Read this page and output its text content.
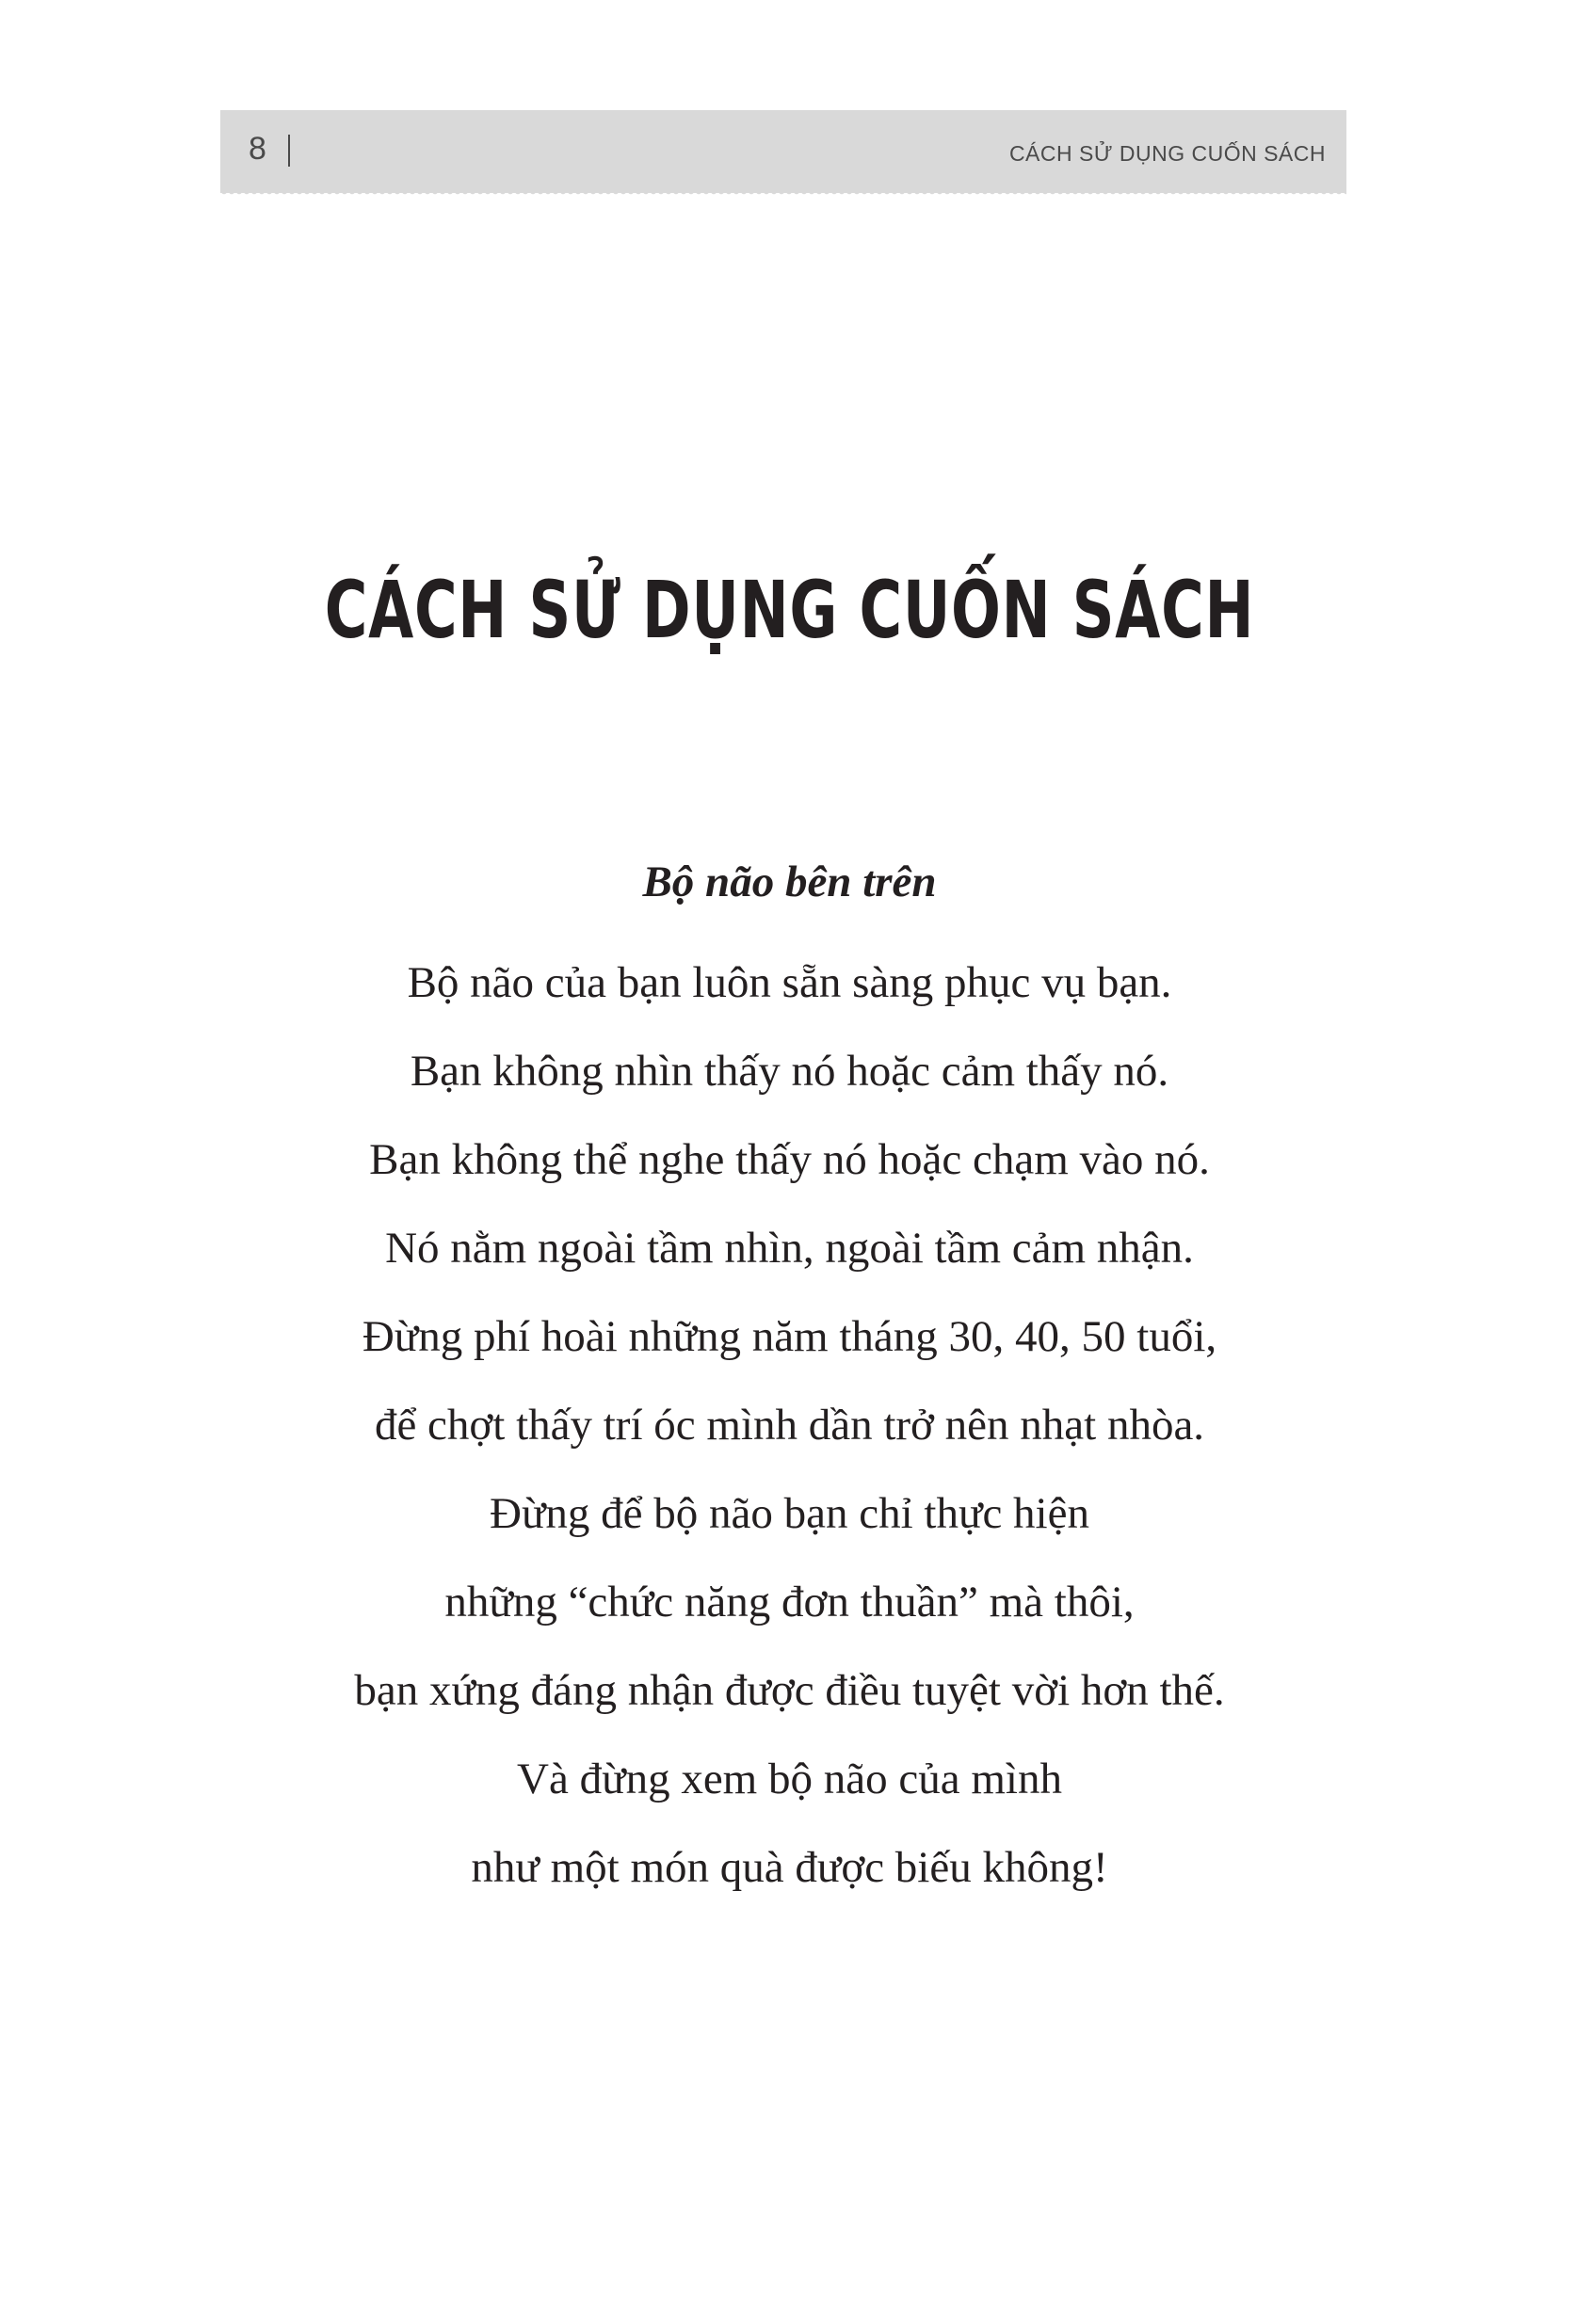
8	CÁCH SỬ DỤNG CUỐN SÁCH
CÁCH SỬ DỤNG CUỐN SÁCH
Bộ não bên trên
Bộ não của bạn luôn sẵn sàng phục vụ bạn.
Bạn không nhìn thấy nó hoặc cảm thấy nó.
Bạn không thể nghe thấy nó hoặc chạm vào nó.
Nó nằm ngoài tầm nhìn, ngoài tầm cảm nhận.
Đừng phí hoài những năm tháng 30, 40, 50 tuổi,
để chợt thấy trí óc mình dần trở nên nhạt nhòa.
Đừng để bộ não bạn chỉ thực hiện
những “chức năng đơn thuần” mà thôi,
bạn xứng đáng nhận được điều tuyệt vời hơn thế.
Và đừng xem bộ não của mình
như một món quà được biếu không!
